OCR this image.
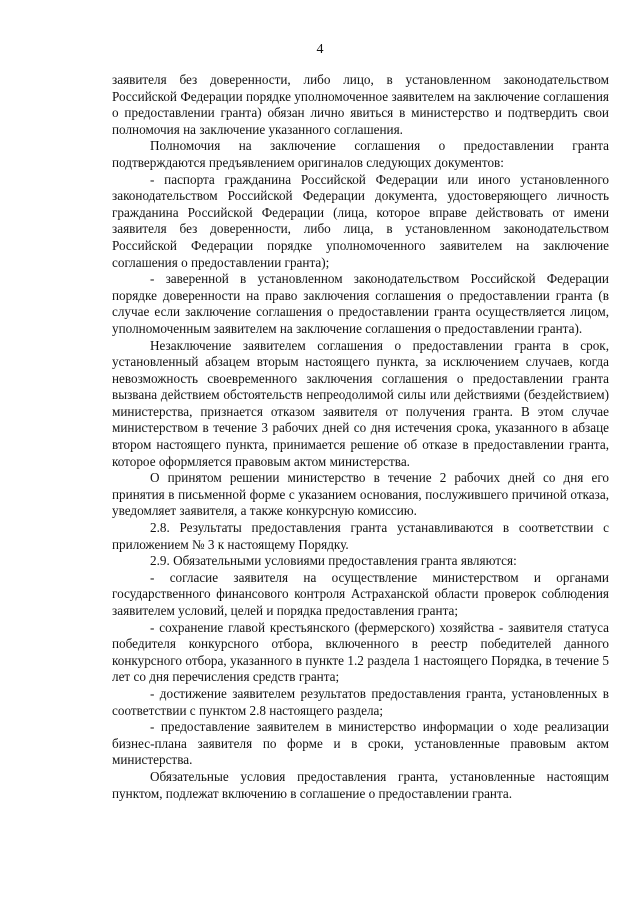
4

заявителя без доверенности, либо лицо, в установленном законодательством Российской Федерации порядке уполномоченное заявителем на заключение соглашения о предоставлении гранта) обязан лично явиться в министерство и подтвердить свои полномочия на заключение указанного соглашения.

Полномочия на заключение соглашения о предоставлении гранта подтверждаются предъявлением оригиналов следующих документов:

- паспорта гражданина Российской Федерации или иного установленного законодательством Российской Федерации документа, удостоверяющего личность гражданина Российской Федерации (лица, которое вправе действовать от имени заявителя без доверенности, либо лица, в установленном законодательством Российской Федерации порядке уполномоченного заявителем на заключение соглашения о предоставлении гранта);

- заверенной в установленном законодательством Российской Федерации порядке доверенности на право заключения соглашения о предоставлении гранта (в случае если заключение соглашения о предоставлении гранта осуществляется лицом, уполномоченным заявителем на заключение соглашения о предоставлении гранта).

Незаключение заявителем соглашения о предоставлении гранта в срок, установленный абзацем вторым настоящего пункта, за исключением случаев, когда невозможность своевременного заключения соглашения о предоставлении гранта вызвана действием обстоятельств непреодолимой силы или действиями (бездействием) министерства, признается отказом заявителя от получения гранта. В этом случае министерством в течение 3 рабочих дней со дня истечения срока, указанного в абзаце втором настоящего пункта, принимается решение об отказе в предоставлении гранта, которое оформляется правовым актом министерства.

О принятом решении министерство в течение 2 рабочих дней со дня его принятия в письменной форме с указанием основания, послужившего причиной отказа, уведомляет заявителя, а также конкурсную комиссию.

2.8. Результаты предоставления гранта устанавливаются в соответствии с приложением № 3 к настоящему Порядку.

2.9. Обязательными условиями предоставления гранта являются:

- согласие заявителя на осуществление министерством и органами государственного финансового контроля Астраханской области проверок соблюдения заявителем условий, целей и порядка предоставления гранта;

- сохранение главой крестьянского (фермерского) хозяйства - заявителя статуса победителя конкурсного отбора, включенного в реестр победителей данного конкурсного отбора, указанного в пункте 1.2 раздела 1 настоящего Порядка, в течение 5 лет со дня перечисления средств гранта;

- достижение заявителем результатов предоставления гранта, установленных в соответствии с пунктом 2.8 настоящего раздела;

- предоставление заявителем в министерство информации о ходе реализации бизнес-плана заявителя по форме и в сроки, установленные правовым актом министерства.

Обязательные условия предоставления гранта, установленные настоящим пунктом, подлежат включению в соглашение о предоставлении гранта.
